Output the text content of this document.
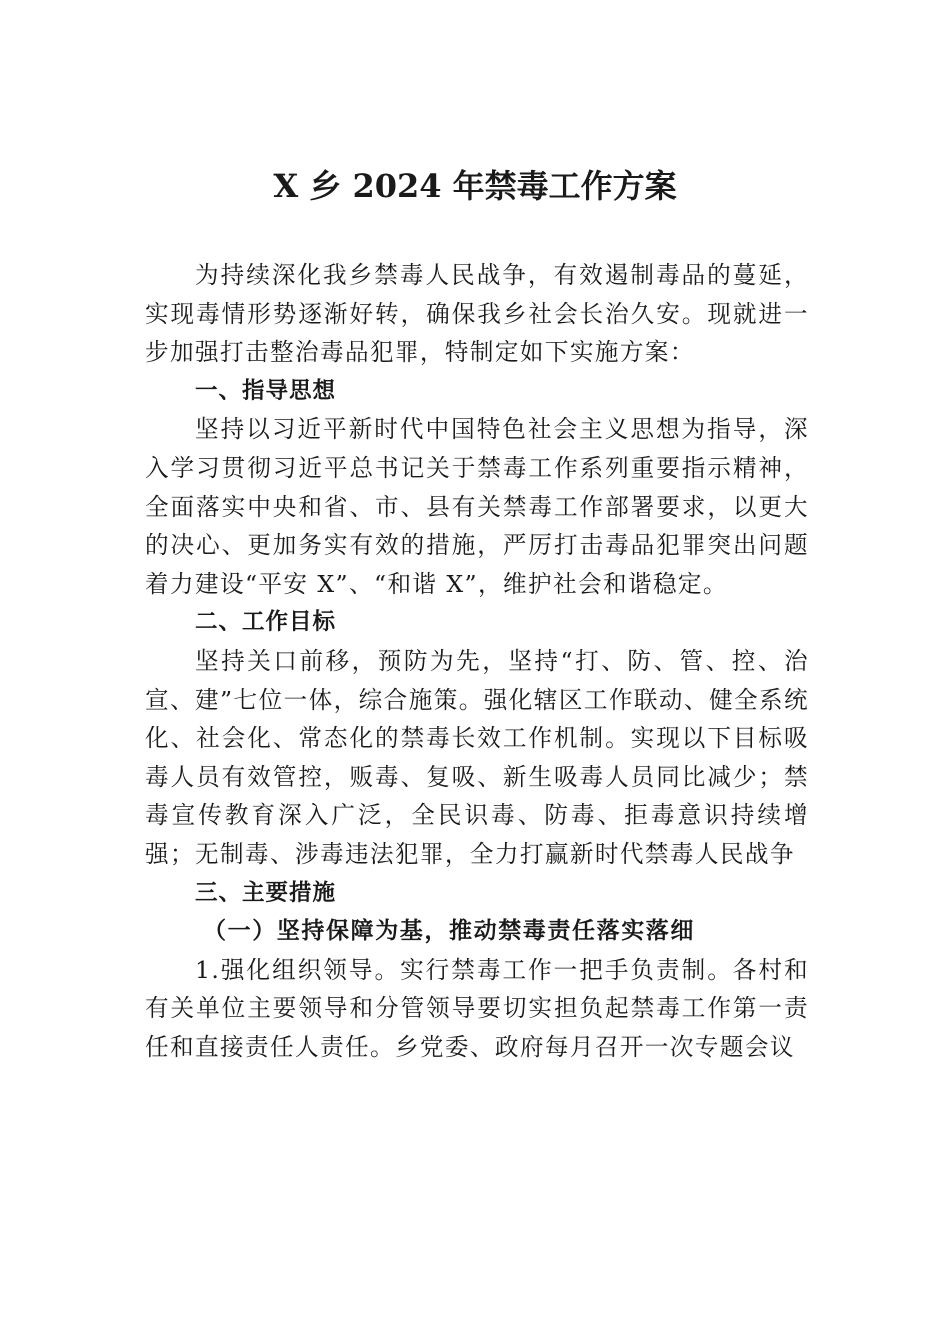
X 乡 2024 年禁毒工作方案

为持续深化我乡禁毒人民战争，有效遏制毒品的蔓延，实现毒情形势逐渐好转，确保我乡社会长治久安。现就进一步加强打击整治毒品犯罪，特制定如下实施方案：

一、指导思想

坚持以习近平新时代中国特色社会主义思想为指导，深入学习贯彻习近平总书记关于禁毒工作系列重要指示精神，全面落实中央和省、市、县有关禁毒工作部署要求，以更大的决心、更加务实有效的措施，严厉打击毒品犯罪突出问题着力建设“平安 X”、“和谐 X”，维护社会和谐稳定。

二、工作目标

坚持关口前移，预防为先，坚持“打、防、管、控、治宣、建”七位一体，综合施策。强化辖区工作联动、健全系统化、社会化、常态化的禁毒长效工作机制。实现以下目标吸毒人员有效管控，贩毒、复吸、新生吸毒人员同比减少；禁毒宣传教育深入广泛，全民识毒、防毒、拒毒意识持续增强；无制毒、涉毒违法犯罪，全力打赢新时代禁毒人民战争

三、主要措施

（一）坚持保障为基，推动禁毒责任落实落细

1.强化组织领导。实行禁毒工作一把手负责制。各村和有关单位主要领导和分管领导要切实担负起禁毒工作第一责任和直接责任人责任。乡党委、政府每月召开一次专题会议
